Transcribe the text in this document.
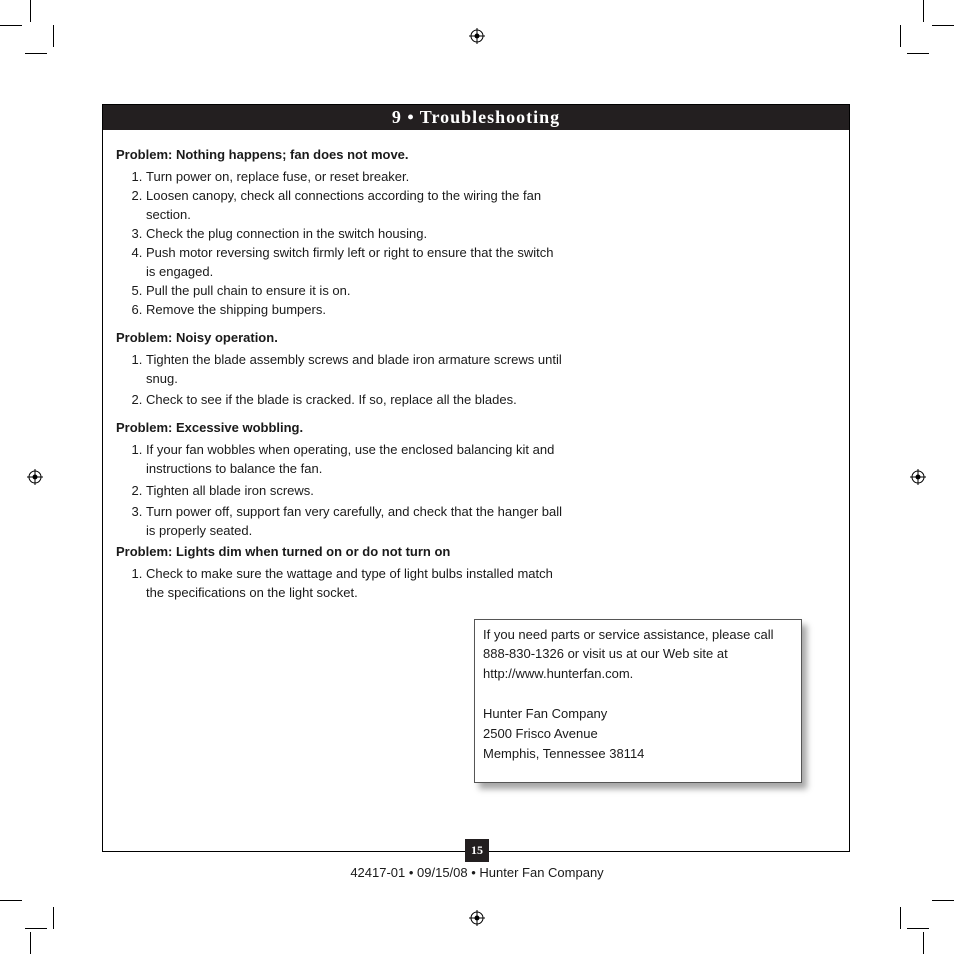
9 • Troubleshooting

Problem: Nothing happens; fan does not move.

1. Turn power on, replace fuse, or reset breaker.
2. Loosen canopy, check all connections according to the wiring the fan section.
3. Check the plug connection in the switch housing.
4. Push motor reversing switch firmly left or right to ensure that the switch is engaged.
5. Pull the pull chain to ensure it is on.
6. Remove the shipping bumpers.

Problem: Noisy operation.

1. Tighten the blade assembly screws and blade iron armature screws until snug.
2. Check to see if the blade is cracked. If so, replace all the blades.

Problem: Excessive wobbling.

1. If your fan wobbles when operating, use the enclosed balancing kit and instructions to balance the fan.
2. Tighten all blade iron screws.
3. Turn power off, support fan very carefully, and check that the hanger ball is properly seated.

Problem: Lights dim when turned on or do not turn on

1. Check to make sure the wattage and type of light bulbs installed match the specifications on the light socket.

If you need parts or service assistance, please call

888-830-1326 or visit us at our Web site at

http://www.hunterfan.com.

Hunter Fan Company

2500 Frisco Avenue

Memphis, Tennessee 38114

15
42417-01 • 09/15/08 • Hunter Fan Company
